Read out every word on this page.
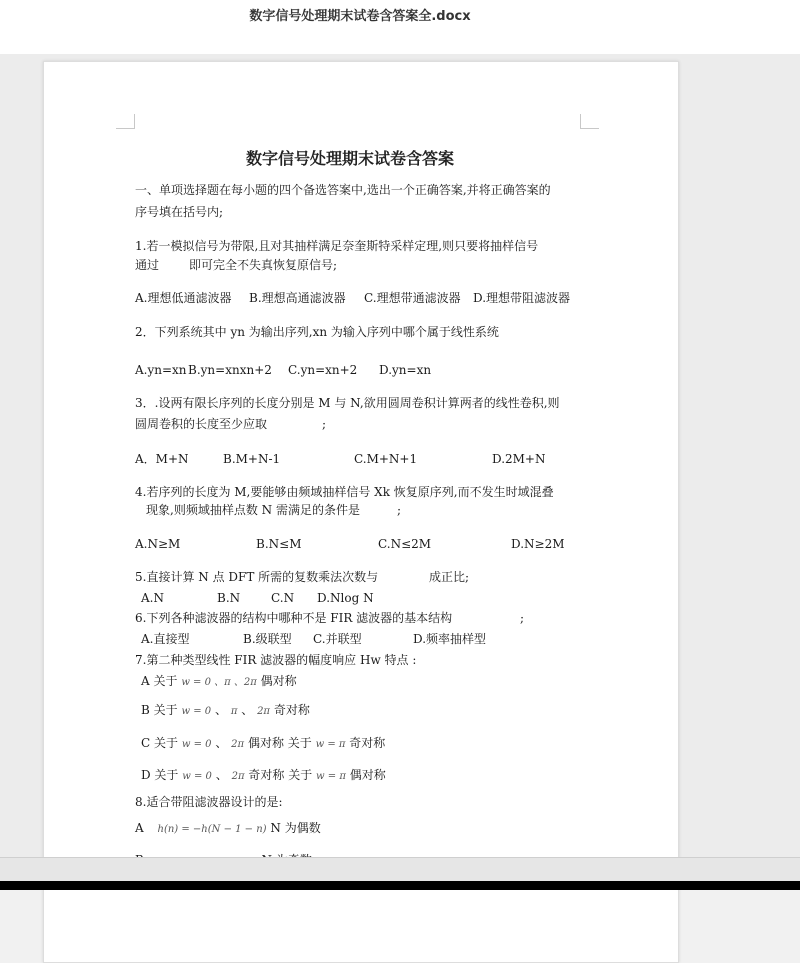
数字信号处理期末试卷含答案全.docx
数字信号处理期末试卷含答案
一、单项选择题在每小题的四个备选答案中,选出一个正确答案,并将正确答案的
序号填在括号内;
1.若一模拟信号为带限,且对其抽样满足奈奎斯特采样定理,则只要将抽样信号
通过 即可完全不失真恢复原信号;
A.理想低通滤波器 B.理想高通滤波器 C.理想带通滤波器 D.理想带阻滤波器
2．下列系统其中 yn 为输出序列,xn 为输入序列中哪个属于线性系统
A.yn=xn B.yn=xnxn+2 C.yn=xn+2 D.yn=xn
3．.设两有限长序列的长度分别是 M 与 N,欲用圆周卷积计算两者的线性卷积,则
圆周卷积的长度至少应取	;
A．M+N	B.M+N-1	C.M+N+1	D.2M+N
4.若序列的长度为 M,要能够由频域抽样信号 Xk 恢复原序列,而不发生时域混叠
现象,则频域抽样点数 N 需满足的条件是	;
A.N≥M	B.N≤M	C.N≤2M	D.N≥2M
5.直接计算 N 点 DFT 所需的复数乘法次数与	成正比;
A.N	B.N	C.N D.Nlog N
6.下列各种滤波器的结构中哪种不是 FIR 滤波器的基本结构	;
A.直接型	B.级联型 C.并联型	D.频率抽样型
7.第二种类型线性 FIR 滤波器的幅度响应 Hw 特点 :
A 关于 w = 0 、π 、2π 偶对称
B 关于 w = 0 、 π 、 2π 奇对称
C 关于 w = 0 、 2π 偶对称 关于 w = π 奇对称
D 关于 w = 0 、 2π 奇对称 关于 w = π 偶对称
8.适合带阻滤波器设计的是:
A h(n) = −h(N − 1 − n) N 为偶数
